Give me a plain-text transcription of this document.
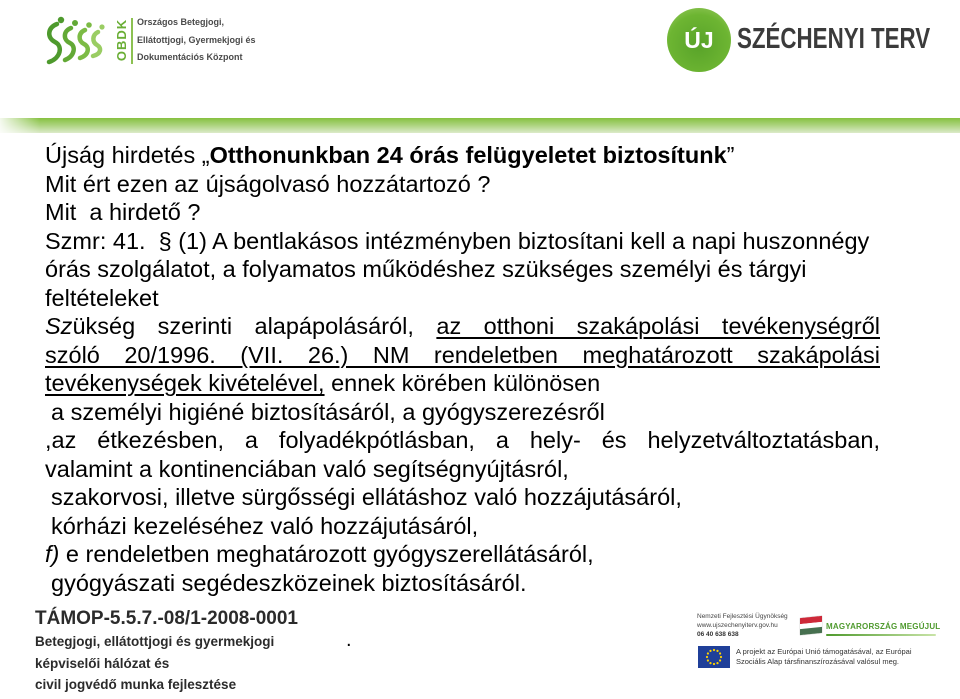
OBDK Országos Betegjogi,
Ellátottjogi, Gyermekjogi és
Dokumentációs Központ
ÚJ SZÉCHENYI TERV
Újság hirdetés „Otthonunkban 24 órás felügyeletet biztosítunk”
Mit ért ezen az újságolvasó hozzátartozó ?
Mit  a hirdető ?
Szmr: 41.  § (1) A bentlakásos intézményben biztosítani kell a napi huszonnégy
órás szolgálatot, a folyamatos működéshez szükséges személyi és tárgyi
feltételeket
Szükség szerinti alapápolásáról, az otthoni szakápolási tevékenységről
szóló 20/1996. (VII. 26.) NM rendeletben meghatározott szakápolási
tevékenységek kivételével, ennek körében különösen
a személyi higiéné biztosításáról, a gyógyszerezésről
,az étkezésben, a folyadékpótlásban, a hely- és helyzetváltoztatásban,
valamint a kontinenciában való segítségnyújtásról,
szakorvosi, illetve sürgősségi ellátáshoz való hozzájutásáról,
kórházi kezeléséhez való hozzájutásáról,
f) e rendeletben meghatározott gyógyszerellátásáról,
gyógyászati segédeszközeinek biztosításáról.
TÁMOP-5.5.7.-08/1-2008-0001
Betegjogi, ellátottjogi és gyermekjogi
képviselői hálózat és
civil jogvédő munka fejlesztése
.
Nemzeti Fejlesztési Ügynökség
www.ujszechenyiterv.gov.hu
06 40 638 638
MAGYARORSZÁG MEGÚJUL
A projekt az Európai Unió támogatásával, az Európai
Szociális Alap társfinanszírozásával valósul meg.
